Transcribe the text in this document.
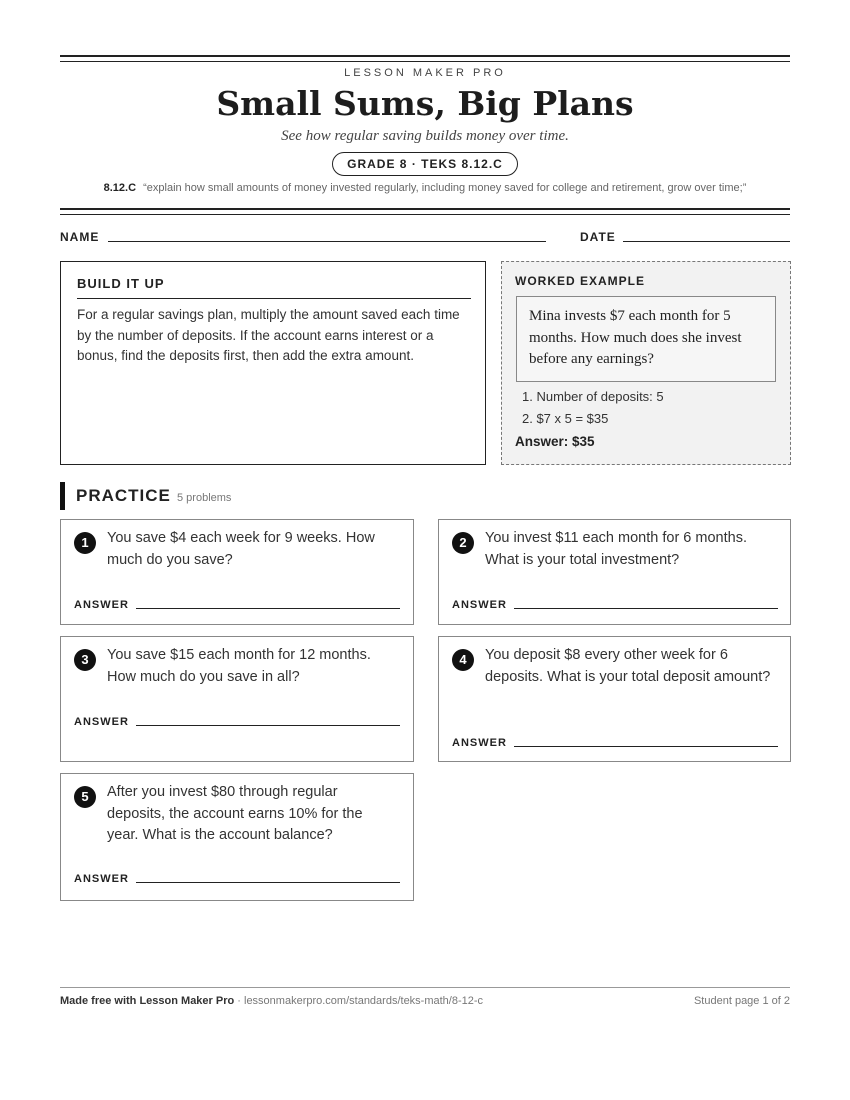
LESSON MAKER PRO
Small Sums, Big Plans
See how regular saving builds money over time.
GRADE 8 · TEKS 8.12.C
8.12.C “explain how small amounts of money invested regularly, including money saved for college and retirement, grow over time;”
NAME	DATE
BUILD IT UP
For a regular savings plan, multiply the amount saved each time by the number of deposits. If the account earns interest or a bonus, find the deposits first, then add the extra amount.
WORKED EXAMPLE
Mina invests $7 each month for 5 months. How much does she invest before any earnings?
1. Number of deposits: 5
2. $7 x 5 = $35
Answer: $35
PRACTICE 5 problems
1	You save $4 each week for 9 weeks. How much do you save?
ANSWER
2	You invest $11 each month for 6 months. What is your total investment?
ANSWER
3	You save $15 each month for 12 months. How much do you save in all?
ANSWER
4	You deposit $8 every other week for 6 deposits. What is your total deposit amount?
ANSWER
5	After you invest $80 through regular deposits, the account earns 10% for the year. What is the account balance?
ANSWER
Made free with Lesson Maker Pro · lessonmakerpro.com/standards/teks-math/8-12-c	Student page 1 of 2
